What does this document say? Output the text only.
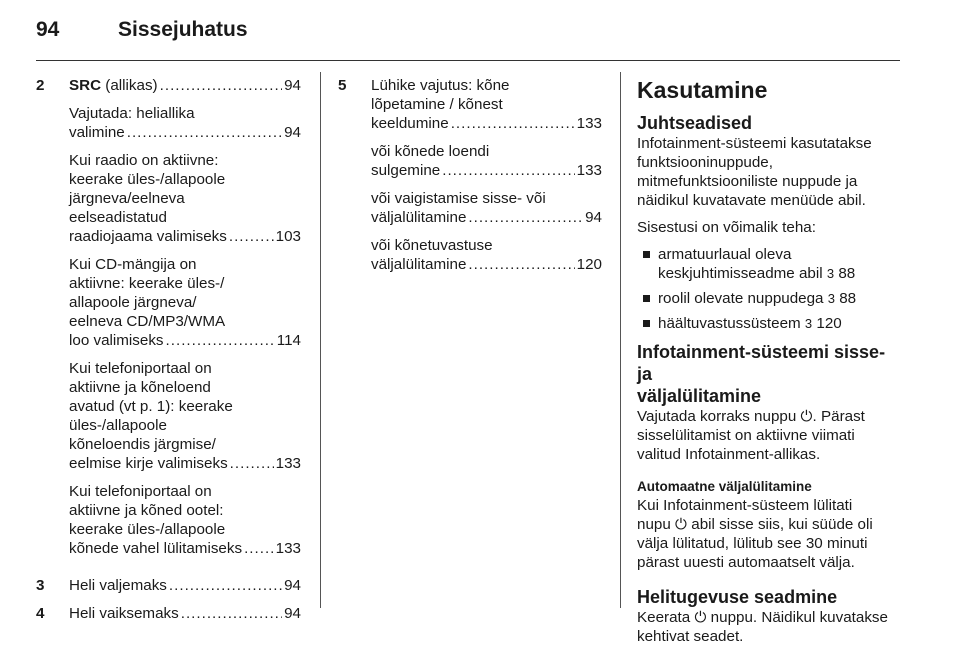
94	Sissejuhatus
2	SRC (allikas) .....	94
Vajutada: heliallika
valimine .....	94
Kui raadio on aktiivne:
keerake üles-/allapoole
järgneva/eelneva
eelseadistatud
raadiojaama valimiseks .....	103
Kui CD-mängija on
aktiivne: keerake üles-/
allapoole järgneva/
eelneva CD/MP3/WMA
loo valimiseks .....	114
Kui telefoniportaal on
aktiivne ja kõneloend
avatud (vt p. 1): keerake
üles-/allapoole
kõneloendis järgmise/
eelmise kirje valimiseks .....	133
Kui telefoniportaal on
aktiivne ja kõned ootel:
keerake üles-/allapoole
kõnede vahel lülitamiseks ..... 133
3	Heli valjemaks .....	94
4	Heli vaiksemaks .....	94
5	Lühike vajutus: kõne
lõpetamine / kõnest
keeldumine .....	133
või kõnede loendi
sulgemine .....	133
või vaigistamise sisse- või
väljalülitamine .....	94
või kõnetuvastuse
väljalülitamine .....	120
Kasutamine
Juhtseadised
Infotainment-süsteemi kasutatakse
funktsiooninuppude,
mitmefunktsiooniliste nuppude ja
näidikul kuvatavate menüüde abil.
Sisestusi on võimalik teha:
armatuurlaual oleva
keskjuhtimisseadme abil 3 88
roolil olevate nuppudega 3 88
häältuvastussüsteem 3 120
Infotainment-süsteemi sisse- ja
väljalülitamine
Vajutada korraks nuppu ⏻. Pärast
sisselülitamist on aktiivne viimati
valitud Infotainment-allikas.
Automaatne väljalülitamine
Kui Infotainment-süsteem lülitati
nupu ⏻ abil sisse siis, kui süüde oli
välja lülitatud, lülitub see 30 minuti
pärast uuesti automaatselt välja.
Helitugevuse seadmine
Keerata ⏻ nuppu. Näidikul kuvatakse
kehtivat seadet.
